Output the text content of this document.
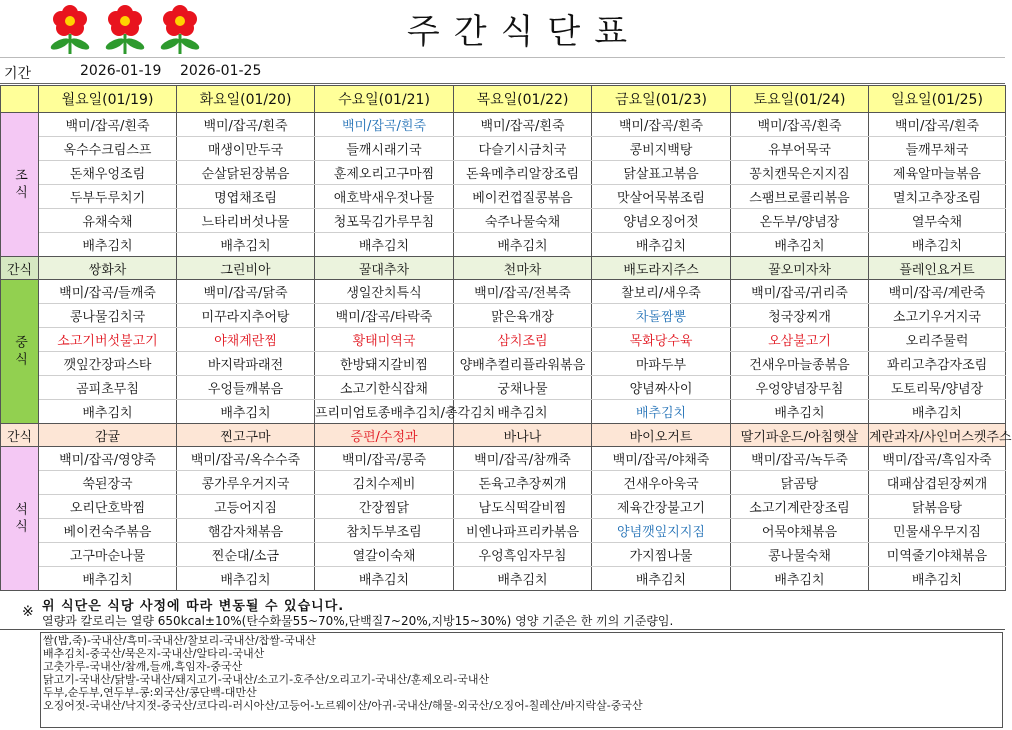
주간식단표
기간	2026-01-19 2026-01-25
	월요일(01/19)	화요일(01/20)	수요일(01/21)	목요일(01/22)	금요일(01/23)	토요일(01/24)	일요일(01/25)
조식	백미/잡곡/흰죽	백미/잡곡/흰죽	백미/잡곡/흰죽	백미/잡곡/흰죽	백미/잡곡/흰죽	백미/잡곡/흰죽	백미/잡곡/흰죽
	옥수수크림스프	매생이만두국	들깨시래기국	다슬기시금치국	콩비지백탕	유부어묵국	들깨무채국
	돈채우엉조림	순살닭된장볶음	훈제오리고구마찜	돈육메추리알장조림	닭살표고볶음	꽁치캔묵은지지짐	제육알마늘볶음
	두부두루치기	명엽채조림	애호박새우젓나물	베이컨껍질콩볶음	맛살어묵볶조림	스팸브로콜리볶음	멸치고추장조림
	유채숙채	느타리버섯나물	청포묵김가루무침	숙주나물숙채	양념오징어젓	온두부/양념장	열무숙채
	배추김치	배추김치	배추김치	배추김치	배추김치	배추김치	배추김치
간식	쌍화차	그린비아	꿀대추차	천마차	배도라지주스	꿀오미자차	플레인요거트
중식	백미/잡곡/들깨죽	백미/잡곡/닭죽	생일잔치특식	백미/잡곡/전복죽	찰보리/새우죽	백미/잡곡/귀리죽	백미/잡곡/계란죽
	콩나물김치국	미꾸라지추어탕	백미/잡곡/타락죽	맑은육개장	차돌짬뽕	청국장찌개	소고기우거지국
	소고기버섯불고기	야채계란찜	황태미역국	삼치조림	목화당수육	오삼불고기	오리주물럭
	깻잎간장파스타	바지락파래전	한방돼지갈비찜	양배추컬리플라워볶음	마파두부	건새우마늘종볶음	꽈리고추감자조림
	곰피초무침	우엉들깨볶음	소고기한식잡채	궁채나물	양념짜사이	우엉양념장무침	도토리묵/양념장
	배추김치	배추김치	프리미엄토종배추김치/총각김치	배추김치	배추김치	배추김치	배추김치
간식	감귤	찐고구마	증편/수정과	바나나	바이오거트	딸기파운드/아침햇살	계란과자/사인머스켓주스
석식	백미/잡곡/영양죽	백미/잡곡/옥수수죽	백미/잡곡/콩죽	백미/잡곡/참깨죽	백미/잡곡/야채죽	백미/잡곡/녹두죽	백미/잡곡/흑임자죽
	쑥된장국	콩가루우거지국	김치수제비	돈육고추장찌개	건새우아욱국	닭곰탕	대패삼겹된장찌개
	오리단호박찜	고등어지짐	간장찜닭	남도식떡갈비찜	제육간장불고기	소고기계란장조림	닭볶음탕
	베이컨숙주볶음	햄감자채볶음	참치두부조림	비엔나파프리카볶음	양념깻잎지지짐	어묵야채볶음	민물새우무지짐
	고구마순나물	찐순대/소금	열갈이숙채	우엉흑임자무침	가지찜나물	콩나물숙채	미역줄기야채볶음
	배추김치	배추김치	배추김치	배추김치	배추김치	배추김치	배추김치
※ 위 식단은 식당 사정에 따라 변동될 수 있습니다.
열량과 칼로리는 열량 650kcal±10%(탄수화물55~70%,단백질7~20%,지방15~30%) 영양 기준은 한 끼의 기준량임.
쌀(밥,죽)-국내산/흑미-국내산/찰보리-국내산/찹쌀-국내산
배추김치-중국산/묵은지-국내산/알타리-국내산
고춧가루-국내산/참깨,들깨,흑임자-중국산
닭고기-국내산/닭발-국내산/돼지고기-국내산/소고기-호주산/오리고기-국내산/훈제오리-국내산
두부,순두부,연두부-콩:외국산/콩단백-대만산
오징어젓-국내산/낙지젓-중국산/코다리-러시아산/고등어-노르웨이산/아귀-국내산/해물-외국산/오징어-칠레산/바지락살-중국산
